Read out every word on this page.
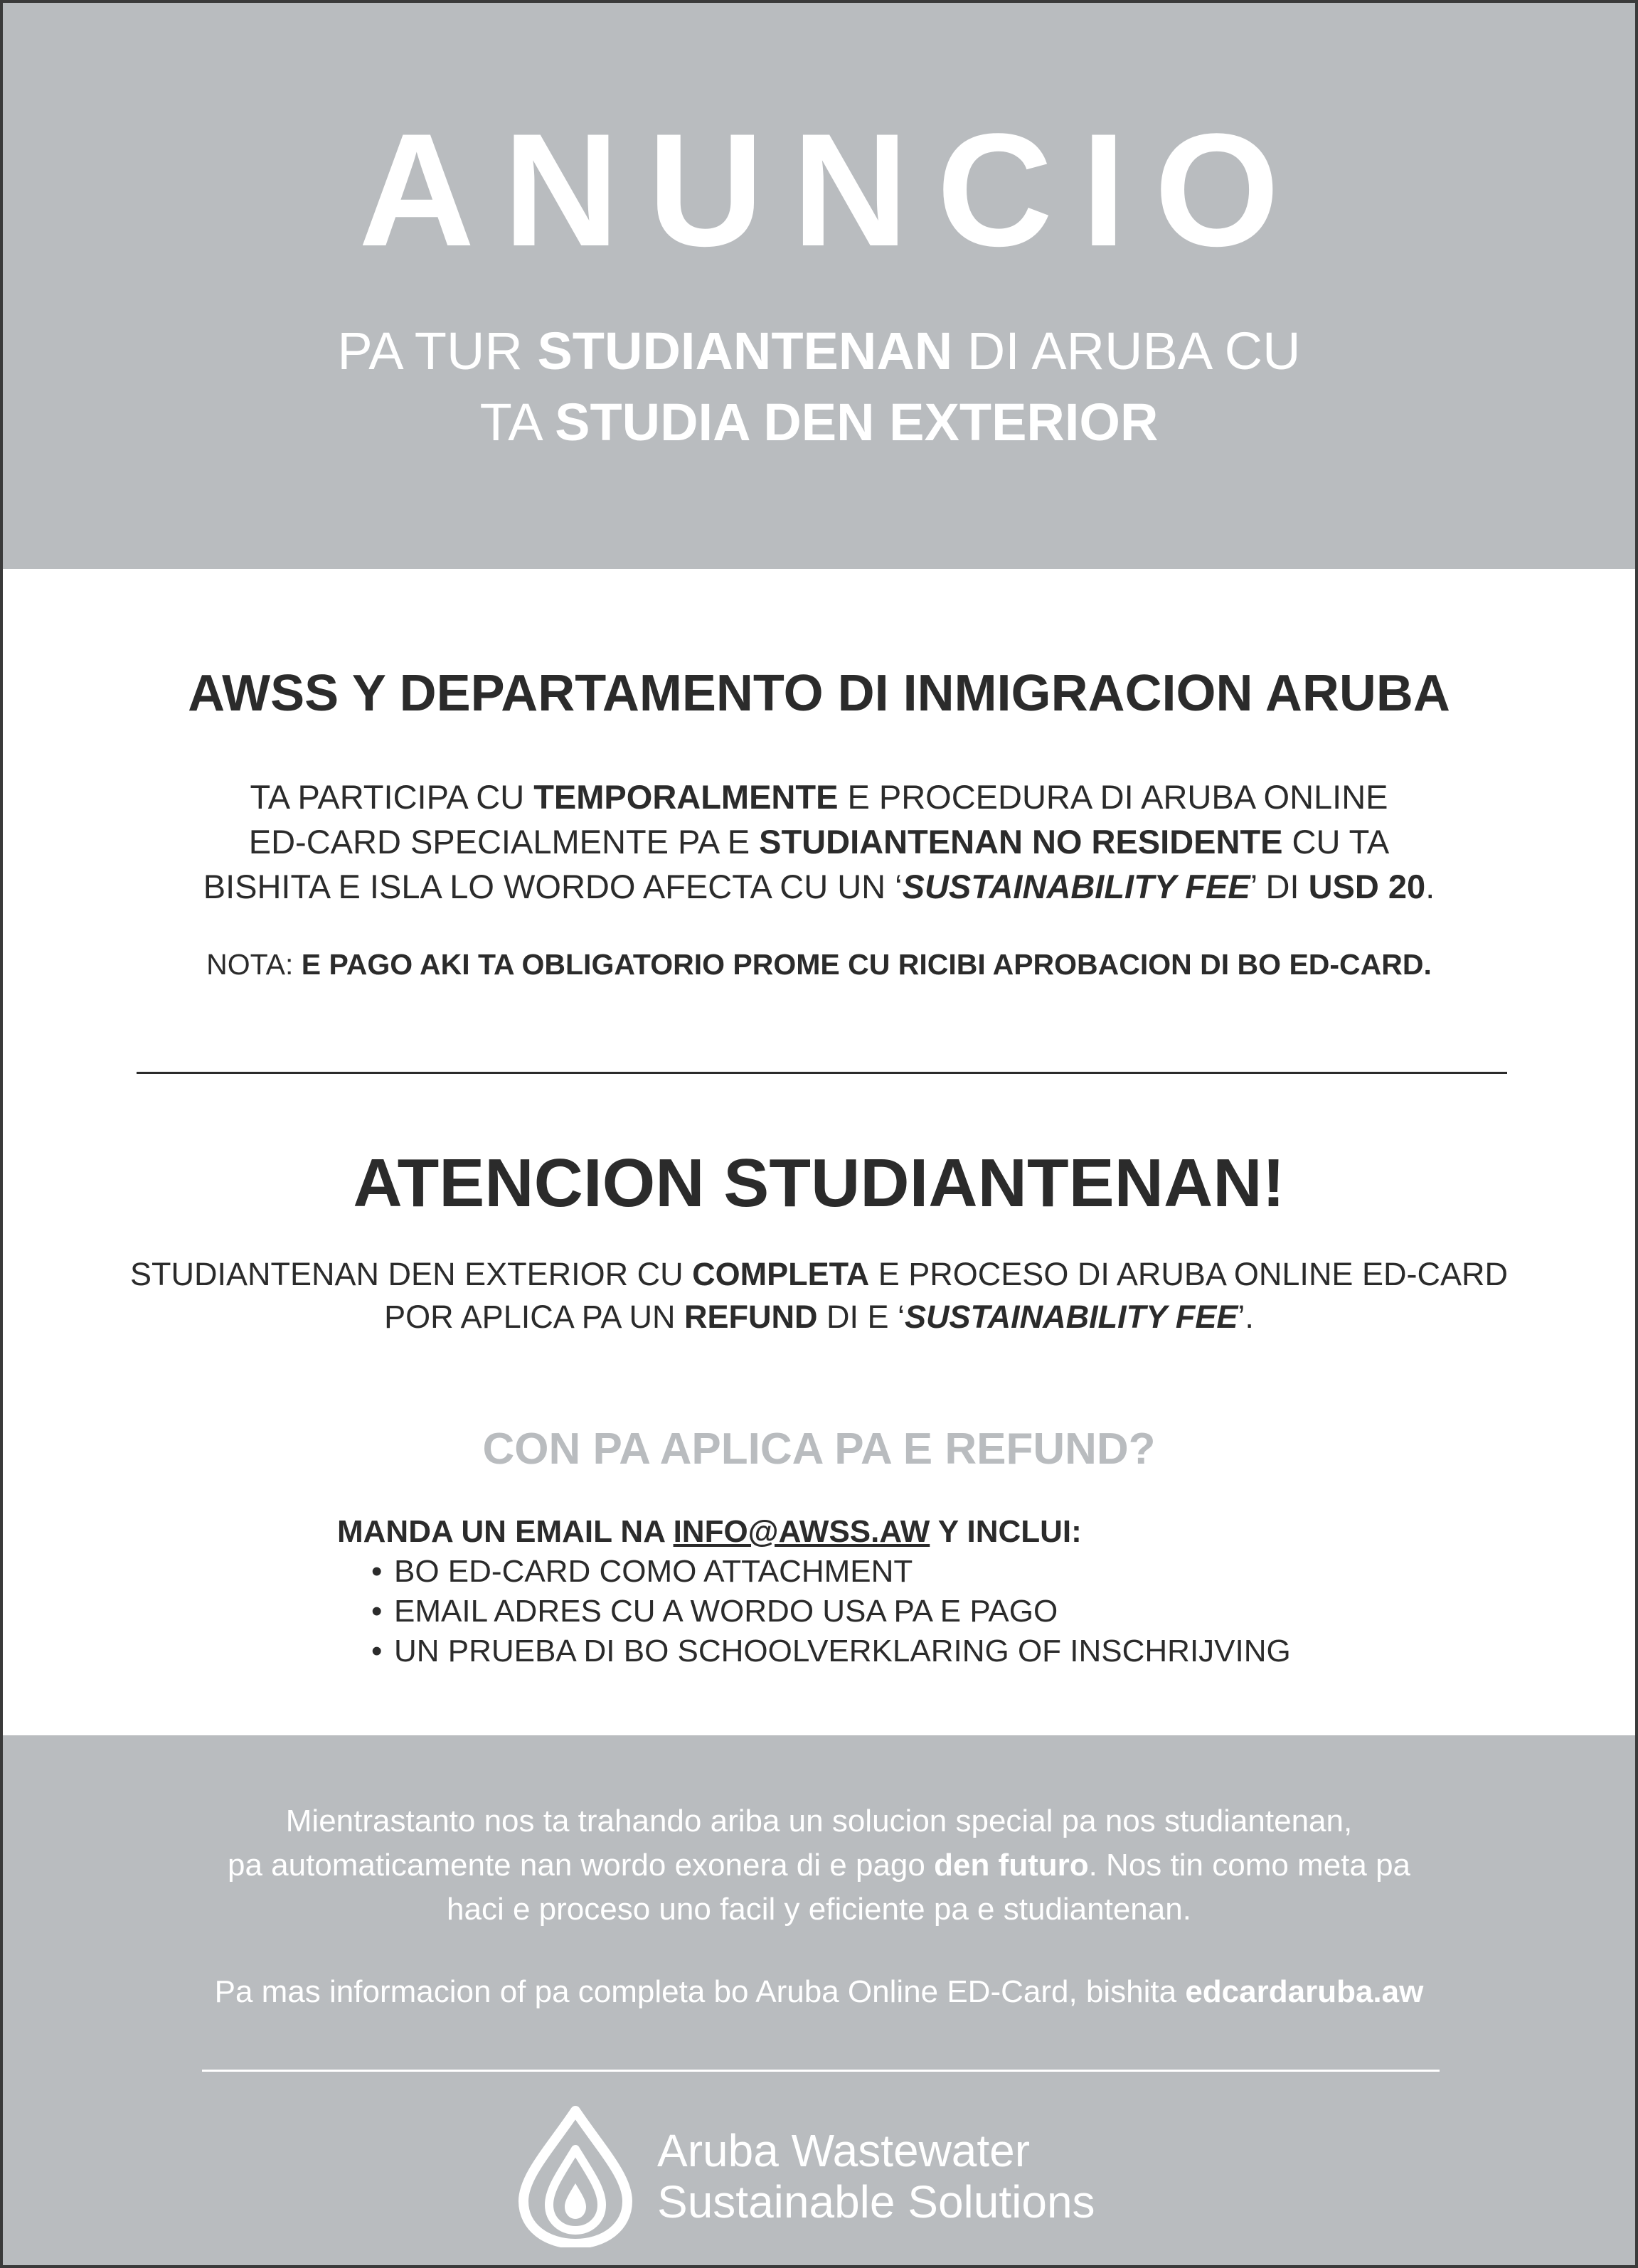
ANUNCIO
PA TUR STUDIANTENAN DI ARUBA CU
TA STUDIA DEN EXTERIOR
AWSS Y DEPARTAMENTO DI INMIGRACION ARUBA
TA PARTICIPA CU TEMPORALMENTE E PROCEDURA DI ARUBA ONLINE
ED-CARD SPECIALMENTE PA E STUDIANTENAN NO RESIDENTE CU TA
BISHITA E ISLA LO WORDO AFECTA CU UN ‘SUSTAINABILITY FEE’ DI USD 20.
NOTA: E PAGO AKI TA OBLIGATORIO PROME CU RICIBI APROBACION DI BO ED-CARD.
ATENCION STUDIANTENAN!
STUDIANTENAN DEN EXTERIOR CU COMPLETA E PROCESO DI ARUBA ONLINE ED-CARD
POR APLICA PA UN REFUND DI E ‘SUSTAINABILITY FEE’.
CON PA APLICA PA E REFUND?
MANDA UN EMAIL NA INFO@AWSS.AW Y INCLUI:
• BO ED-CARD COMO ATTACHMENT
• EMAIL ADRES CU A WORDO USA PA E PAGO
• UN PRUEBA DI BO SCHOOLVERKLARING OF INSCHRIJVING
Mientrastanto nos ta trahando ariba un solucion special pa nos studiantenan,
pa automaticamente nan wordo exonera di e pago den futuro. Nos tin como meta pa
haci e proceso uno facil y eficiente pa e studiantenan.
Pa mas informacion of pa completa bo Aruba Online ED-Card, bishita edcardaruba.aw
Aruba Wastewater
Sustainable Solutions
